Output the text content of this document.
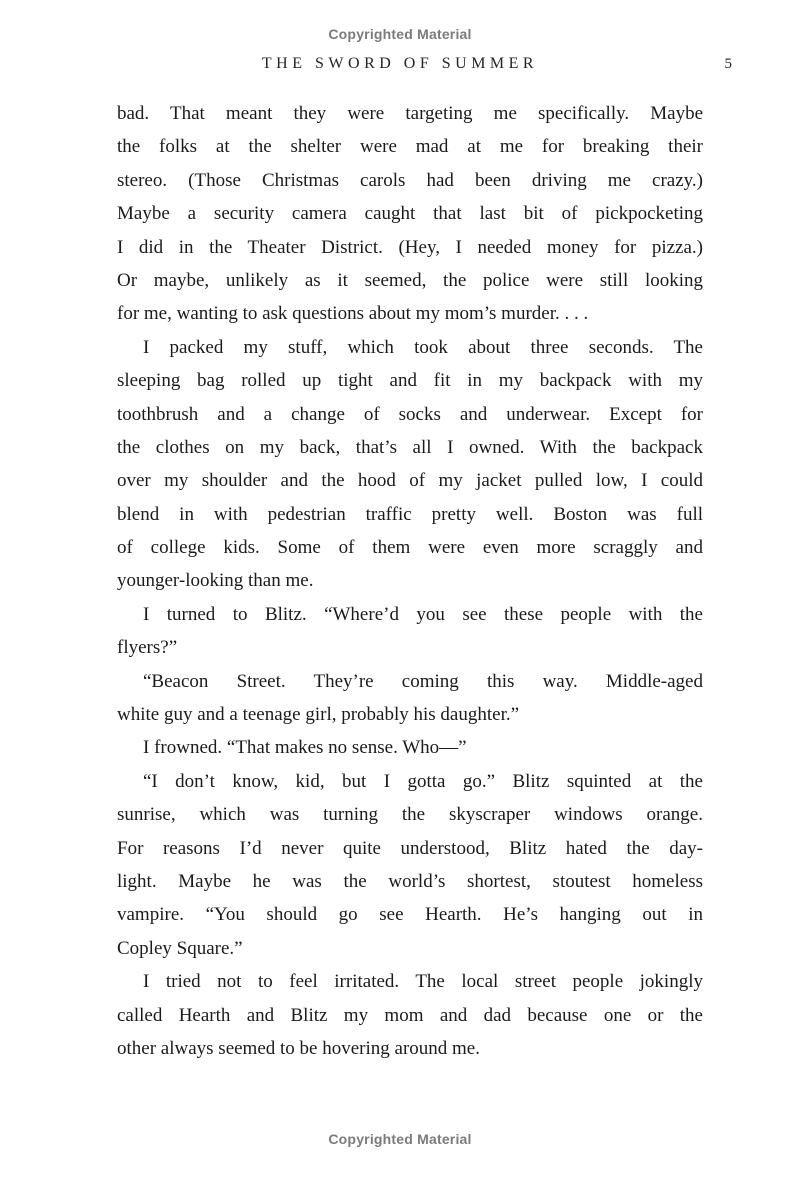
Copyrighted Material
THE SWORD OF SUMMER	5
bad. That meant they were targeting me specifically. Maybe
the folks at the shelter were mad at me for breaking their
stereo. (Those Christmas carols had been driving me crazy.)
Maybe a security camera caught that last bit of pickpocketing
I did in the Theater District. (Hey, I needed money for pizza.)
Or maybe, unlikely as it seemed, the police were still looking
for me, wanting to ask questions about my mom’s murder. . . .
I packed my stuff, which took about three seconds. The
sleeping bag rolled up tight and fit in my backpack with my
toothbrush and a change of socks and underwear. Except for
the clothes on my back, that’s all I owned. With the backpack
over my shoulder and the hood of my jacket pulled low, I could
blend in with pedestrian traffic pretty well. Boston was full
of college kids. Some of them were even more scraggly and
younger-looking than me.
I turned to Blitz. “Where’d you see these people with the
flyers?”
“Beacon Street. They’re coming this way. Middle-aged
white guy and a teenage girl, probably his daughter.”
I frowned. “That makes no sense. Who—”
“I don’t know, kid, but I gotta go.” Blitz squinted at the
sunrise, which was turning the skyscraper windows orange.
For reasons I’d never quite understood, Blitz hated the day-
light. Maybe he was the world’s shortest, stoutest homeless
vampire. “You should go see Hearth. He’s hanging out in
Copley Square.”
I tried not to feel irritated. The local street people jokingly
called Hearth and Blitz my mom and dad because one or the
other always seemed to be hovering around me.
Copyrighted Material
